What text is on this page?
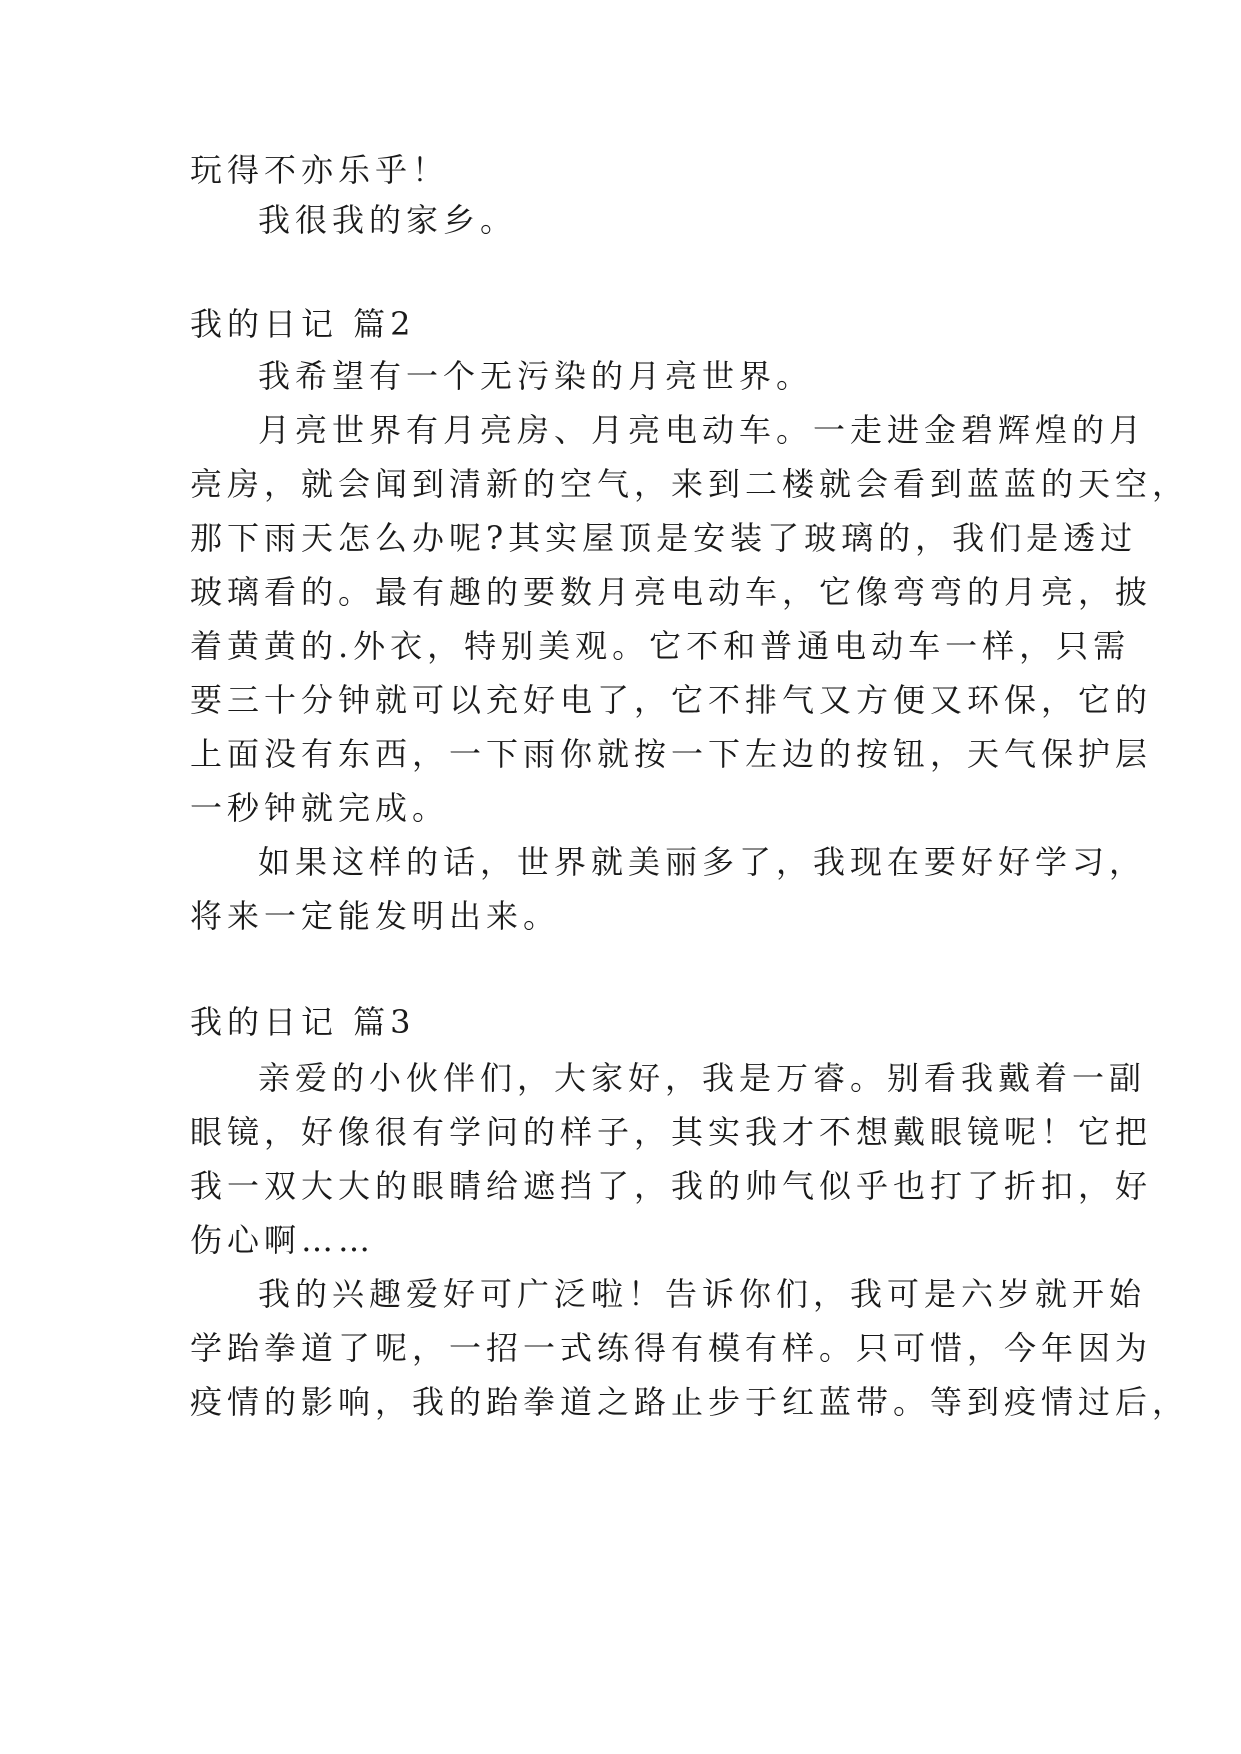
玩得不亦乐乎！
我很我的家乡。
我的日记 篇2
我希望有一个无污染的月亮世界。
月亮世界有月亮房、月亮电动车。一走进金碧辉煌的月
亮房，就会闻到清新的空气，来到二楼就会看到蓝蓝的天空，
那下雨天怎么办呢?其实屋顶是安装了玻璃的，我们是透过
玻璃看的。最有趣的要数月亮电动车，它像弯弯的月亮，披
着黄黄的.外衣，特别美观。它不和普通电动车一样，只需
要三十分钟就可以充好电了，它不排气又方便又环保，它的
上面没有东西，一下雨你就按一下左边的按钮，天气保护层
一秒钟就完成。
如果这样的话，世界就美丽多了，我现在要好好学习，
将来一定能发明出来。
我的日记 篇3
亲爱的小伙伴们，大家好，我是万睿。别看我戴着一副
眼镜，好像很有学问的样子，其实我才不想戴眼镜呢！它把
我一双大大的眼睛给遮挡了，我的帅气似乎也打了折扣，好
伤心啊……
我的兴趣爱好可广泛啦！告诉你们，我可是六岁就开始
学跆拳道了呢，一招一式练得有模有样。只可惜，今年因为
疫情的影响，我的跆拳道之路止步于红蓝带。等到疫情过后，
